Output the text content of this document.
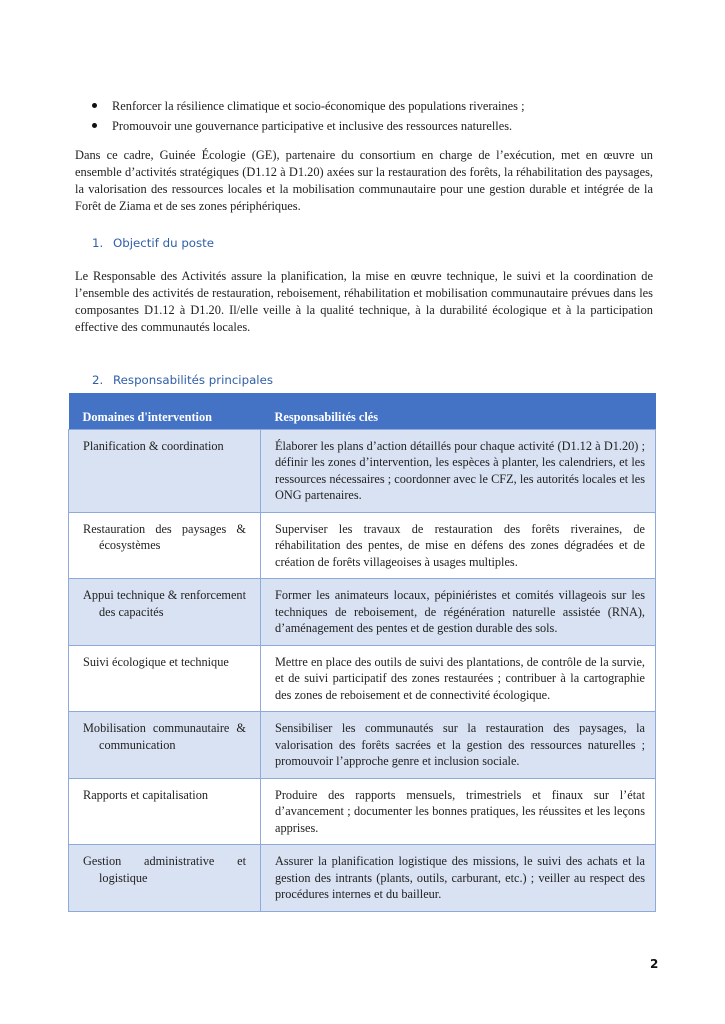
Renforcer la résilience climatique et socio-économique des populations riveraines ;
Promouvoir une gouvernance participative et inclusive des ressources naturelles.

Dans ce cadre, Guinée Écologie (GE), partenaire du consortium en charge de l’exécution, met en œuvre un ensemble d’activités stratégiques (D1.12 à D1.20) axées sur la restauration des forêts, la réhabilitation des paysages, la valorisation des ressources locales et la mobilisation communautaire pour une gestion durable et intégrée de la Forêt de Ziama et de ses zones périphériques.

1. Objectif du poste

Le Responsable des Activités assure la planification, la mise en œuvre technique, le suivi et la coordination de l’ensemble des activités de restauration, reboisement, réhabilitation et mobilisation communautaire prévues dans les composantes D1.12 à D1.20. Il/elle veille à la qualité technique, à la durabilité écologique et à la participation effective des communautés locales.

2. Responsabilités principales
Domaines d'intervention	Responsabilités clés

Planification & coordination	Élaborer les plans d’action détaillés pour chaque activité (D1.12 à D1.20) ; définir les zones d’intervention, les espèces à planter, les calendriers, et les ressources nécessaires ; coordonner avec le CFZ, les autorités locales et les ONG partenaires.

Restauration des paysages & écosystèmes	Superviser les travaux de restauration des forêts riveraines, de réhabilitation des pentes, de mise en défens des zones dégradées et de création de forêts villageoises à usages multiples.

Appui technique & renforcement des capacités	Former les animateurs locaux, pépiniéristes et comités villageois sur les techniques de reboisement, de régénération naturelle assistée (RNA), d’aménagement des pentes et de gestion durable des sols.

Suivi écologique et technique	Mettre en place des outils de suivi des plantations, de contrôle de la survie, et de suivi participatif des zones restaurées ; contribuer à la cartographie des zones de reboisement et de connectivité écologique.

Mobilisation communautaire & communication	Sensibiliser les communautés sur la restauration des paysages, la valorisation des forêts sacrées et la gestion des ressources naturelles ; promouvoir l’approche genre et inclusion sociale.

Rapports et capitalisation	Produire des rapports mensuels, trimestriels et finaux sur l’état d’avancement ; documenter les bonnes pratiques, les réussites et les leçons apprises.

Gestion administrative et logistique	Assurer la planification logistique des missions, le suivi des achats et la gestion des intrants (plants, outils, carburant, etc.) ; veiller au respect des procédures internes et du bailleur.
2
